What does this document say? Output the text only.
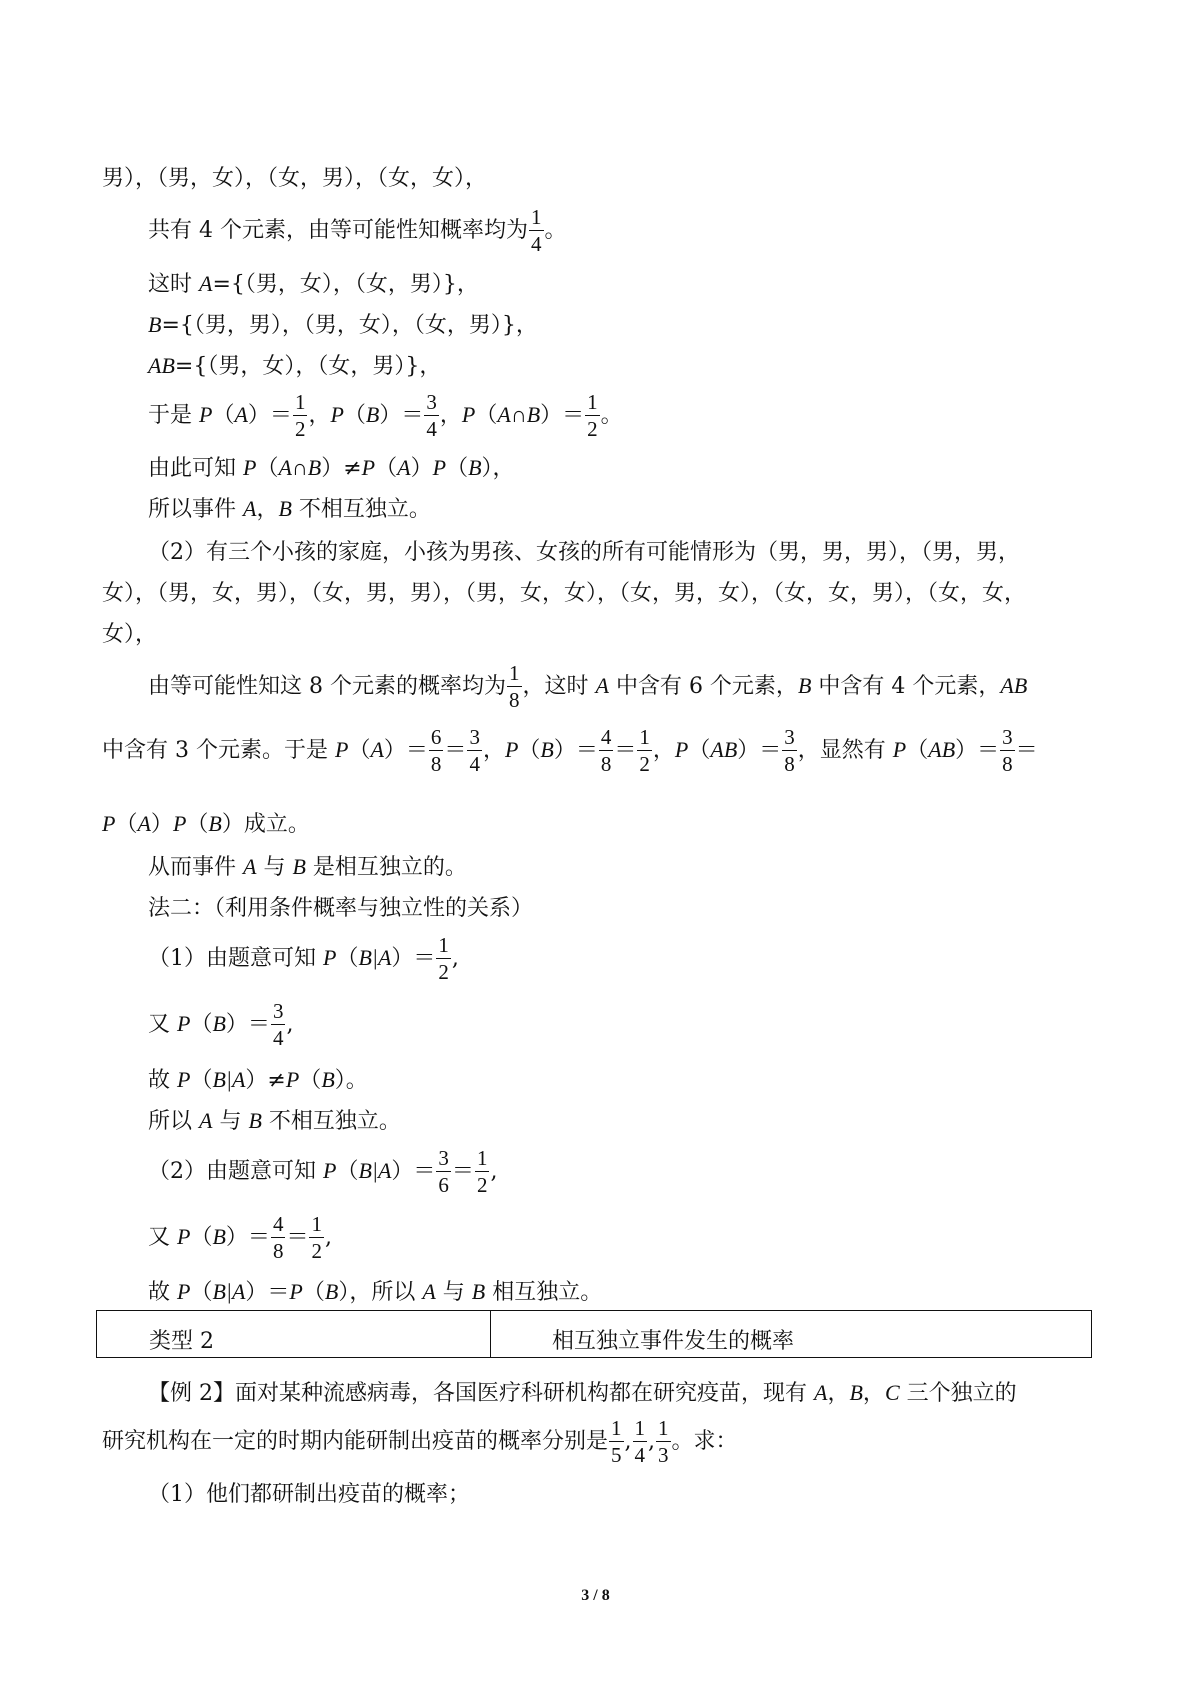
男），（男，女），（女，男），（女，女），
共有 4 个元素，由等可能性知概率均为 $\frac{1}{4}$ 。
这时 A={（男，女），（女，男）}，
B={（男，男），（男，女），（女，男）}，
AB={（男，女），（女，男）}，
于是 $P(A)= \frac{1}{2}$ ，$P(B)= \frac{3}{4}$ ，P（A∩B）＝ $\frac{1}{2}$ 。
由此可知 P（A∩B）≠P（A）P（B），
所以事件 A，B 不相互独立。
（2）有三个小孩的家庭，小孩为男孩、女孩的所有可能情形为（男，男，男），（男，男，
女），（男，女，男），（女，男，男），（男，女，女），（女，男，女），（女，女，男），（女，女，
女），
由等可能性知这 8 个元素的概率均为 $\frac{1}{8}$ ，这时 A 中含有 6 个元素，B 中含有 4 个元素，AB
中含有 3 个元素。于是 $P(A)= \frac{6}{8} = \frac{3}{4}$ ，$P(B)= \frac{4}{8} = \frac{1}{2}$ ，$P(AB)= \frac{3}{8}$ ，显然有 $P(AB)= \frac{3}{8}$ ＝
P（A）P（B）成立。
从而事件 A 与 B 是相互独立的。
法二：（利用条件概率与独立性的关系）
（1）由题意可知 $P(B|A)= \frac{1}{2}$ ,
又 $P(B)= \frac{3}{4}$ ,
故 P（B|A）≠P（B）。
所以 A 与 B 不相互独立。
（2）由题意可知 $P(B|A)= \frac{3}{6} = \frac{1}{2}$ ,
又 $P(B)= \frac{4}{8} = \frac{1}{2}$ ,
故 P（B|A）＝P（B），所以 A 与 B 相互独立。
类型 2	相互独立事件发生的概率
【例 2】面对某种流感病毒，各国医疗科研机构都在研究疫苗，现有 A，B，C 三个独立的
研究机构在一定的时期内能研制出疫苗的概率分别是 $\frac{1}{5}$ , $\frac{1}{4}$ , $\frac{1}{3}$ 。求：
（1）他们都研制出疫苗的概率；
3 / 8
